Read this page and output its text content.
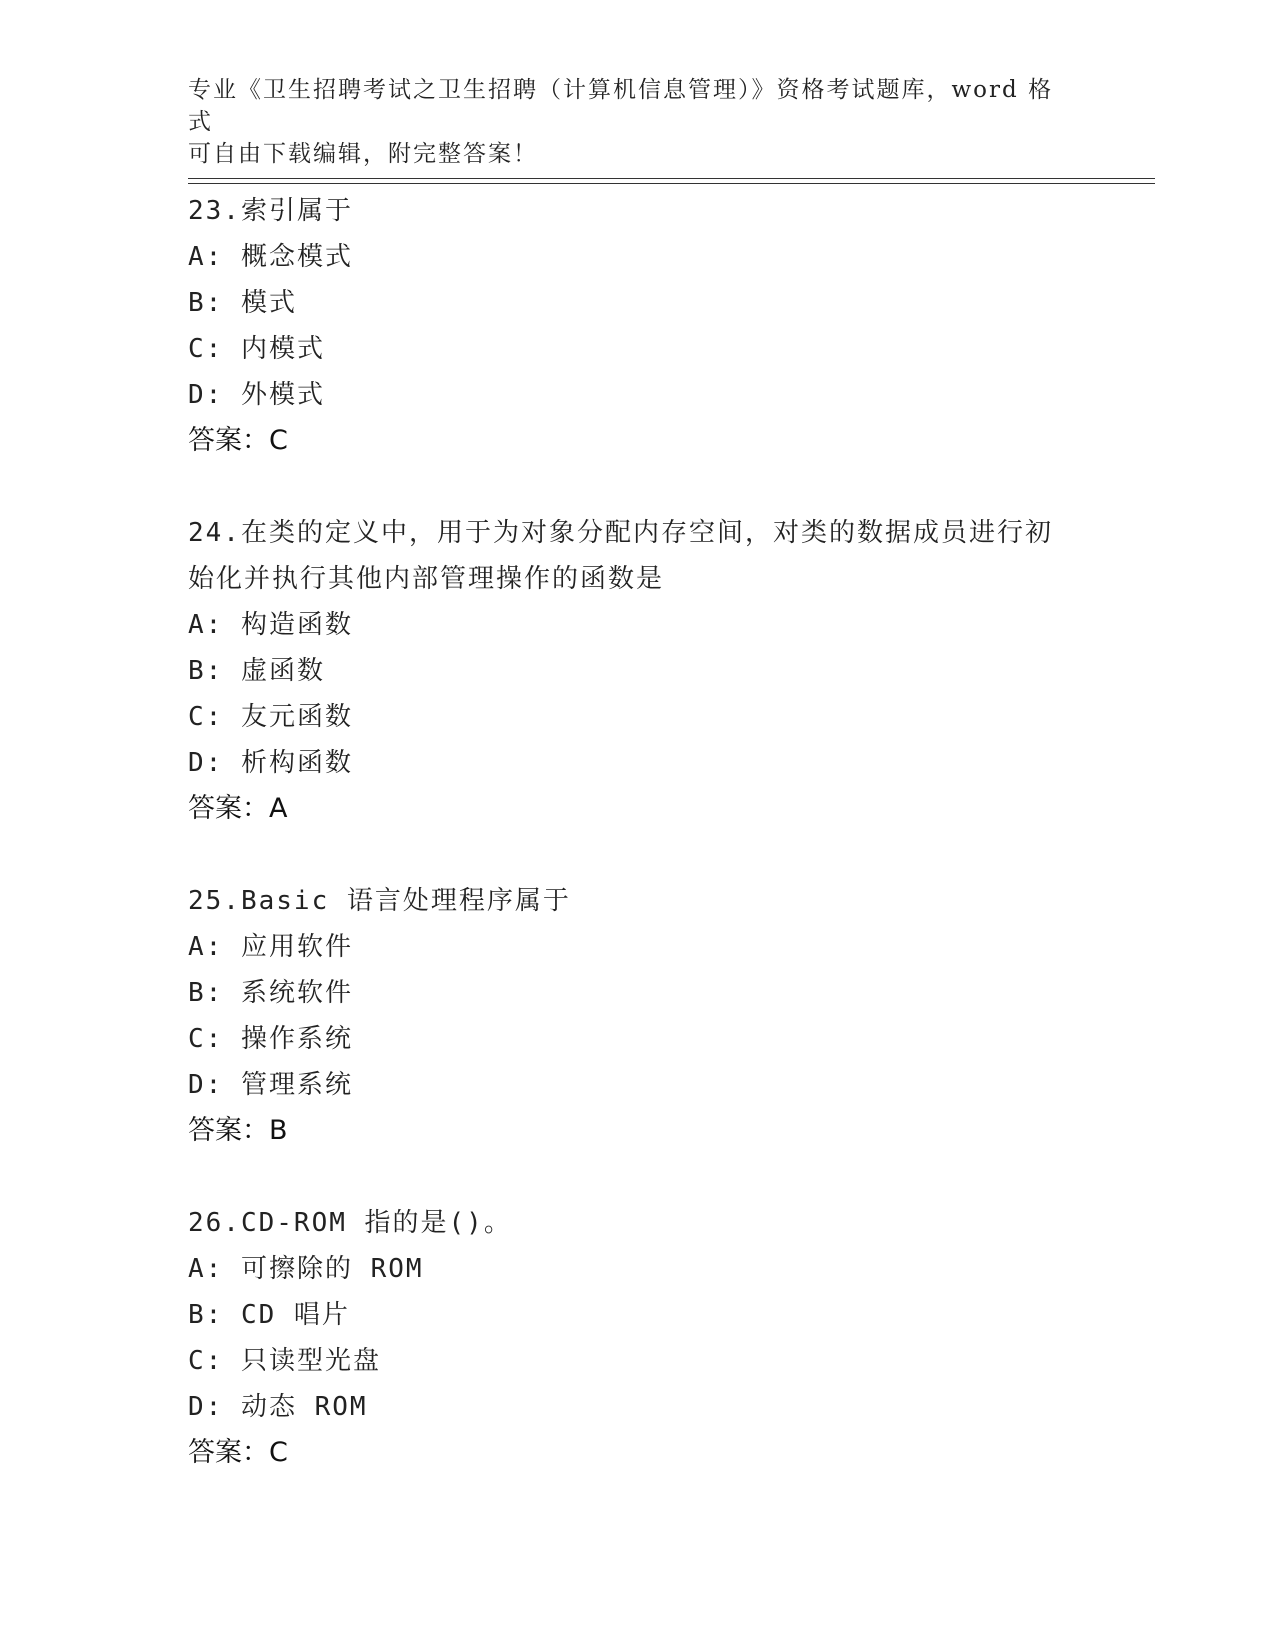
专业《卫生招聘考试之卫生招聘（计算机信息管理）》资格考试题库，word 格式

可自由下载编辑，附完整答案！

23.索引属于

A: 概念模式

B: 模式

C: 内模式

D: 外模式

答案：C

24.在类的定义中，用于为对象分配内存空间，对类的数据成员进行初始化并执行其他内部管理操作的函数是

A: 构造函数

B: 虚函数

C: 友元函数

D: 析构函数

答案：A

25.Basic 语言处理程序属于

A: 应用软件

B: 系统软件

C: 操作系统

D: 管理系统

答案：B

26.CD-ROM 指的是()。

A: 可擦除的 ROM

B: CD 唱片

C: 只读型光盘

D: 动态 ROM

答案：C
